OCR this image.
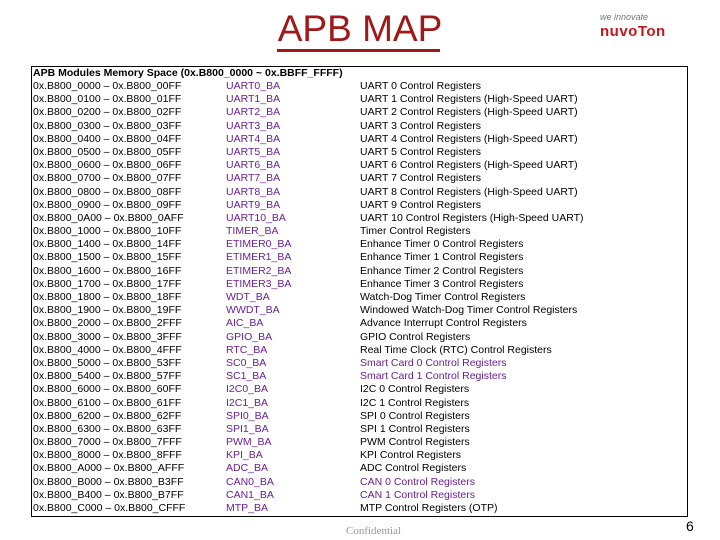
APB MAP	we innovate
nuvoTon
APB Modules Memory Space (0x.B800_0000 ~ 0x.BBFF_FFFF)
0x.B800_0000 – 0x.B800_00FF	UART0_BA	UART 0 Control Registers
0x.B800_0100 – 0x.B800_01FF	UART1_BA	UART 1 Control Registers (High-Speed UART)
0x.B800_0200 – 0x.B800_02FF	UART2_BA	UART 2 Control Registers (High-Speed UART)
0x.B800_0300 – 0x.B800_03FF	UART3_BA	UART 3 Control Registers
0x.B800_0400 – 0x.B800_04FF	UART4_BA	UART 4 Control Registers (High-Speed UART)
0x.B800_0500 – 0x.B800_05FF	UART5_BA	UART 5 Control Registers
0x.B800_0600 – 0x.B800_06FF	UART6_BA	UART 6 Control Registers (High-Speed UART)
0x.B800_0700 – 0x.B800_07FF	UART7_BA	UART 7 Control Registers
0x.B800_0800 – 0x.B800_08FF	UART8_BA	UART 8 Control Registers (High-Speed UART)
0x.B800_0900 – 0x.B800_09FF	UART9_BA	UART 9 Control Registers
0x.B800_0A00 – 0x.B800_0AFF	UART10_BA	UART 10 Control Registers (High-Speed UART)
0x.B800_1000 – 0x.B800_10FF	TIMER_BA	Timer Control Registers
0x.B800_1400 – 0x.B800_14FF	ETIMER0_BA	Enhance Timer 0 Control Registers
0x.B800_1500 – 0x.B800_15FF	ETIMER1_BA	Enhance Timer 1 Control Registers
0x.B800_1600 – 0x.B800_16FF	ETIMER2_BA	Enhance Timer 2 Control Registers
0x.B800_1700 – 0x.B800_17FF	ETIMER3_BA	Enhance Timer 3 Control Registers
0x.B800_1800 – 0x.B800_18FF	WDT_BA	Watch-Dog Timer Control Registers
0x.B800_1900 – 0x.B800_19FF	WWDT_BA	Windowed Watch-Dog Timer Control Registers
0x.B800_2000 – 0x.B800_2FFF	AIC_BA	Advance Interrupt Control Registers
0x.B800_3000 – 0x.B800_3FFF	GPIO_BA	GPIO Control Registers
0x.B800_4000 – 0x.B800_4FFF	RTC_BA	Real Time Clock (RTC) Control Registers
0x.B800_5000 – 0x.B800_53FF	SC0_BA	Smart Card 0 Control Registers
0x.B800_5400 – 0x.B800_57FF	SC1_BA	Smart Card 1 Control Registers
0x.B800_6000 – 0x.B800_60FF	I2C0_BA	I2C 0 Control Registers
0x.B800_6100 – 0x.B800_61FF	I2C1_BA	I2C 1 Control Registers
0x.B800_6200 – 0x.B800_62FF	SPI0_BA	SPI 0 Control Registers
0x.B800_6300 – 0x.B800_63FF	SPI1_BA	SPI 1 Control Registers
0x.B800_7000 – 0x.B800_7FFF	PWM_BA	PWM Control Registers
0x.B800_8000 – 0x.B800_8FFF	KPI_BA	KPI Control Registers
0x.B800_A000 – 0x.B800_AFFF	ADC_BA	ADC Control Registers
0x.B800_B000 – 0x.B800_B3FF	CAN0_BA	CAN 0 Control Registers
0x.B800_B400 – 0x.B800_B7FF	CAN1_BA	CAN 1 Control Registers
0x.B800_C000 – 0x.B800_CFFF	MTP_BA	MTP Control Registers (OTP)
Confidential	6
